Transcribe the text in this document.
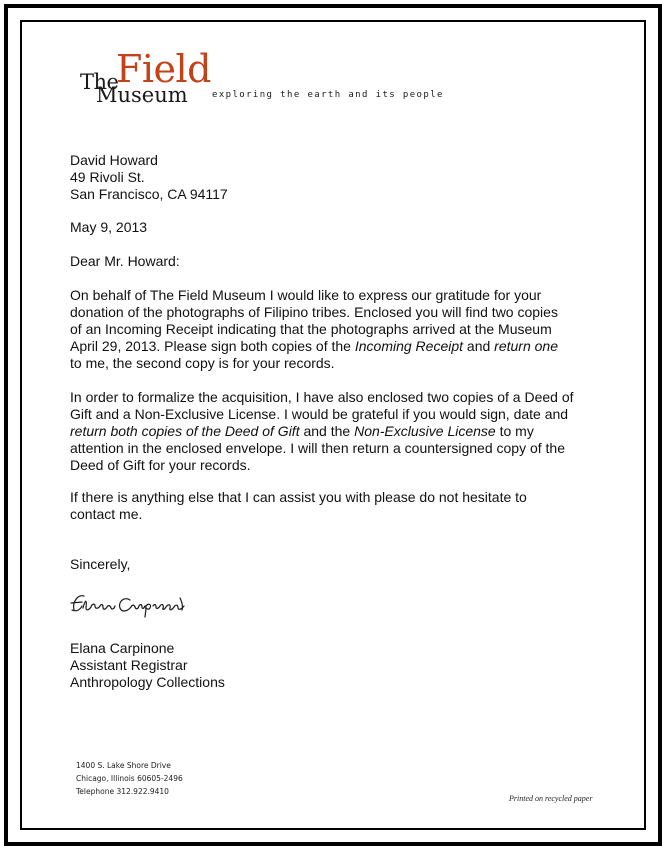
The
Field
Museum	exploring the earth and its people

David Howard

49 Rivoli St.

San Francisco, CA 94117

May 9, 2013
Dear Mr. Howard:

On behalf of The Field Museum I would like to express our gratitude for your

donation of the photographs of Filipino tribes. Enclosed you will find two copies

of an Incoming Receipt indicating that the photographs arrived at the Museum

April 29, 2013. Please sign both copies of the Incoming Receipt and return one

to me, the second copy is for your records.

In order to formalize the acquisition, I have also enclosed two copies of a Deed of

Gift and a Non-Exclusive License. I would be grateful if you would sign, date and

return both copies of the Deed of Gift and the Non-Exclusive License to my

attention in the enclosed envelope. I will then return a countersigned copy of the

Deed of Gift for your records.

If there is anything else that I can assist you with please do not hesitate to

contact me.

Sincerely,

Elana Carpinone

Assistant Registrar

Anthropology Collections

1400 S. Lake Shore Drive
Chicago, Illinois 60605-2496
Telephone 312.922.9410
Printed on recycled paper
